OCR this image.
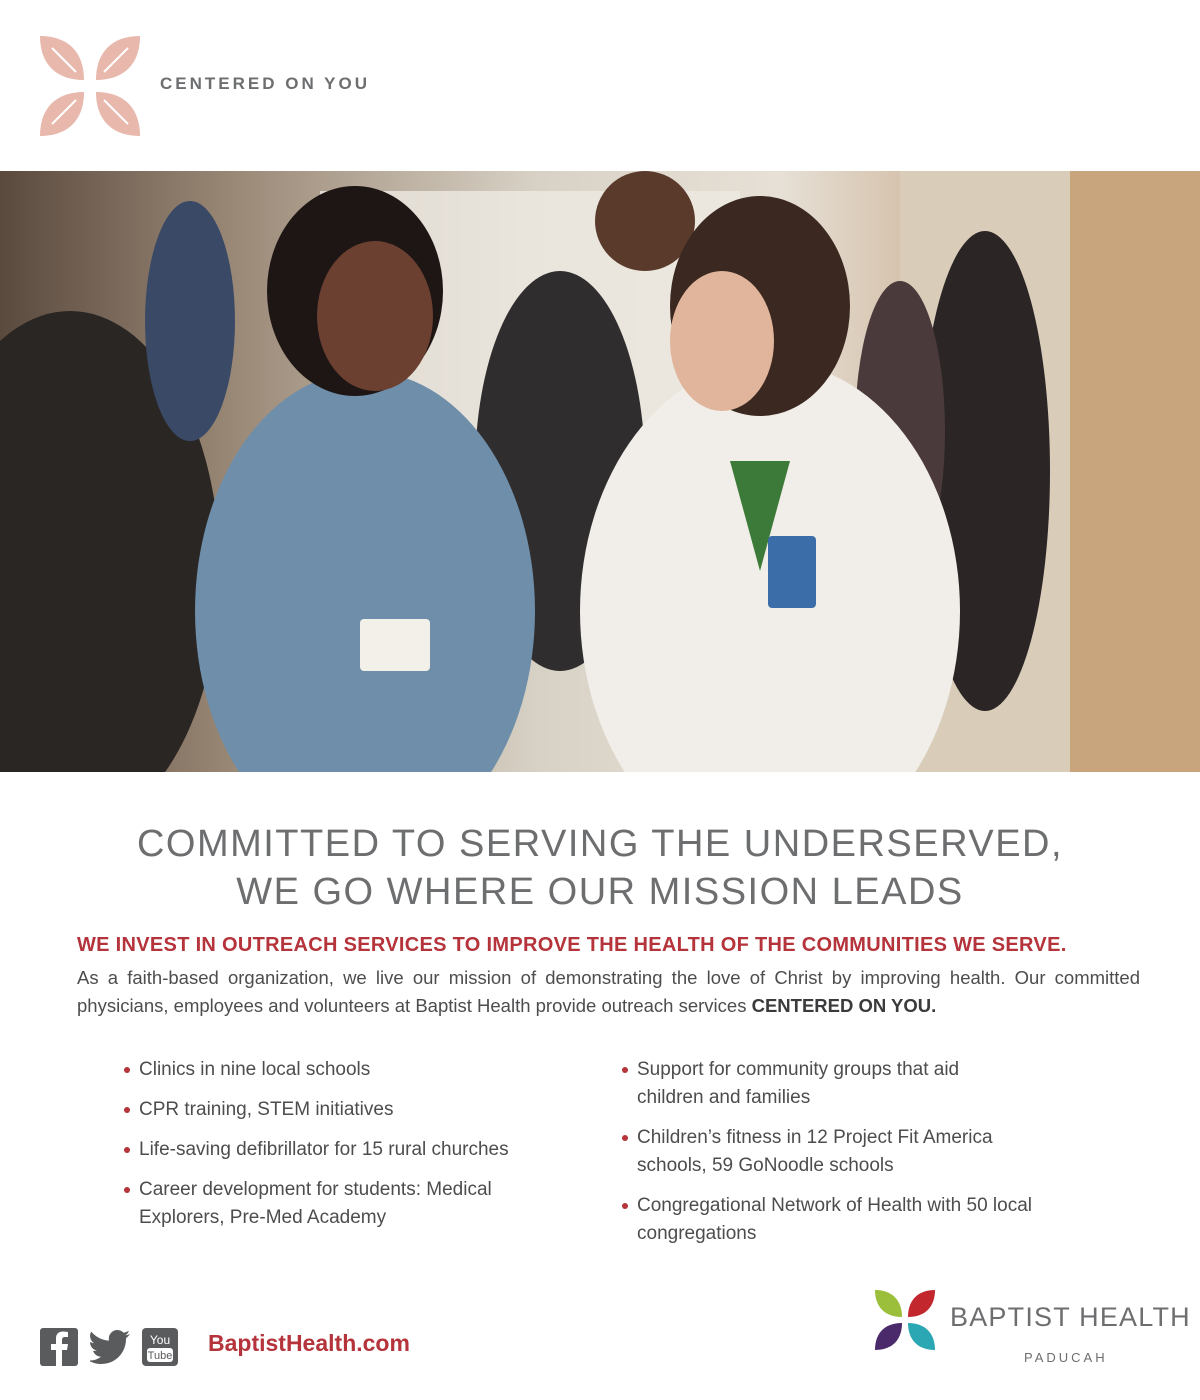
CENTERED ON YOU
COMMITTED TO SERVING THE UNDERSERVED,
WE GO WHERE OUR MISSION LEADS
WE INVEST IN OUTREACH SERVICES TO IMPROVE THE HEALTH OF THE COMMUNITIES WE SERVE.
As a faith-based organization, we live our mission of demonstrating the love of Christ by improving health. Our committed physicians, employees and volunteers at Baptist Health provide outreach services CENTERED ON YOU.
Clinics in nine local schools
CPR training, STEM initiatives
Life-saving defibrillator for 15 rural churches
Career development for students: Medical Explorers, Pre-Med Academy
Support for community groups that aid children and families
Children’s fitness in 12 Project Fit America schools, 59 GoNoodle schools
Congregational Network of Health with 50 local congregations
You
Tube BaptistHealth.com
BAPTIST HEALTH
PADUCAH
